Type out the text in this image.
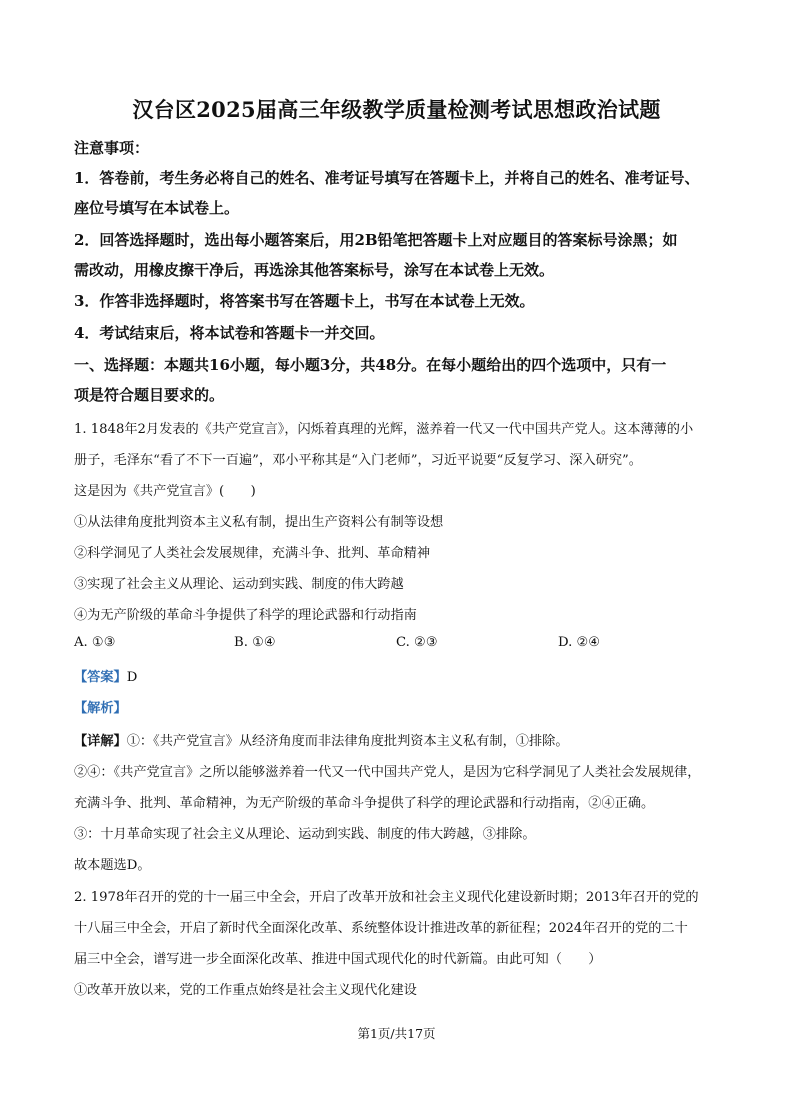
汉台区2025届高三年级教学质量检测考试思想政治试题
注意事项：
1．答卷前，考生务必将自己的姓名、准考证号填写在答题卡上，并将自己的姓名、准考证号、
座位号填写在本试卷上。
2．回答选择题时，选出每小题答案后，用2B铅笔把答题卡上对应题目的答案标号涂黑；如
需改动，用橡皮擦干净后，再选涂其他答案标号，涂写在本试卷上无效。
3．作答非选择题时，将答案书写在答题卡上，书写在本试卷上无效。
4．考试结束后，将本试卷和答题卡一并交回。
一、选择题：本题共16小题，每小题3分，共48分。在每小题给出的四个选项中，只有一
项是符合题目要求的。
1. 1848年2月发表的《共产党宣言》，闪烁着真理的光辉，滋养着一代又一代中国共产党人。这本薄薄的小
册子，毛泽东“看了不下一百遍”，邓小平称其是“入门老师”，习近平说要“反复学习、深入研究”。
这是因为《共产党宣言》(　　)
①从法律角度批判资本主义私有制，提出生产资料公有制等设想
②科学洞见了人类社会发展规律，充满斗争、批判、革命精神
③实现了社会主义从理论、运动到实践、制度的伟大跨越
④为无产阶级的革命斗争提供了科学的理论武器和行动指南
A. ①③	B. ①④	C. ②③	D. ②④
【答案】D
【解析】
【详解】①：《共产党宣言》从经济角度而非法律角度批判资本主义私有制，①排除。
②④：《共产党宣言》之所以能够滋养着一代又一代中国共产党人，是因为它科学洞见了人类社会发展规律，
充满斗争、批判、革命精神，为无产阶级的革命斗争提供了科学的理论武器和行动指南，②④正确。
③：十月革命实现了社会主义从理论、运动到实践、制度的伟大跨越，③排除。
故本题选D。
2. 1978年召开的党的十一届三中全会，开启了改革开放和社会主义现代化建设新时期；2013年召开的党的
十八届三中全会，开启了新时代全面深化改革、系统整体设计推进改革的新征程；2024年召开的党的二十
届三中全会，谱写进一步全面深化改革、推进中国式现代化的时代新篇。由此可知（　　）
①改革开放以来，党的工作重点始终是社会主义现代化建设
第1页/共17页
